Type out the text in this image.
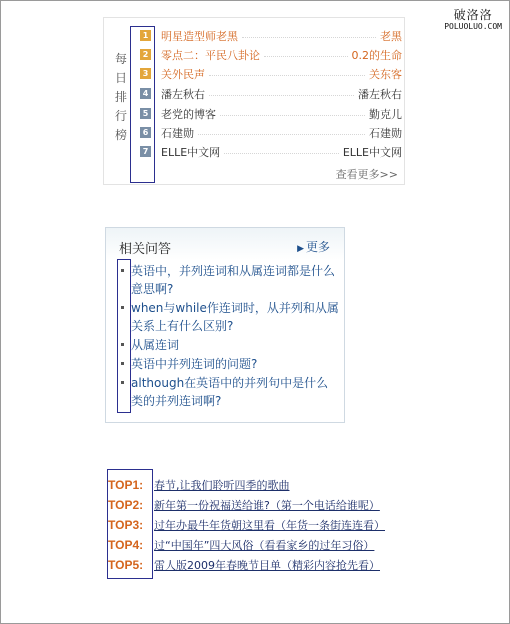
破洛洛
POLUOLUO.COM
每
日
排
行
榜
1 明星造型师老黑	老黑
2 零点二：平民八卦论	0.2的生命
3 关外民声	关东客
4 潘左秋右	潘左秋右
5 老党的博客	勤克儿
6 石建勋	石建勋
7 ELLE中文网	ELLE中文网
查看更多>>
相关问答	▶ 更多
英语中，并列连词和从属连词都是什么意思啊?
when与while作连词时，从并列和从属关系上有什么区别?
从属连词
英语中并列连词的问题?
although在英语中的并列句中是什么类的并列连词啊?
TOP1: 春节,让我们聆听四季的歌曲
TOP2: 新年第一份祝福送给谁?（第一个电话给谁呢）
TOP3: 过年办最牛年货朝这里看（年货一条街连连看）
TOP4: 过“中国年”四大风俗（看看家乡的过年习俗）
TOP5: 雷人版2009年春晚节目单（精彩内容抢先看）
